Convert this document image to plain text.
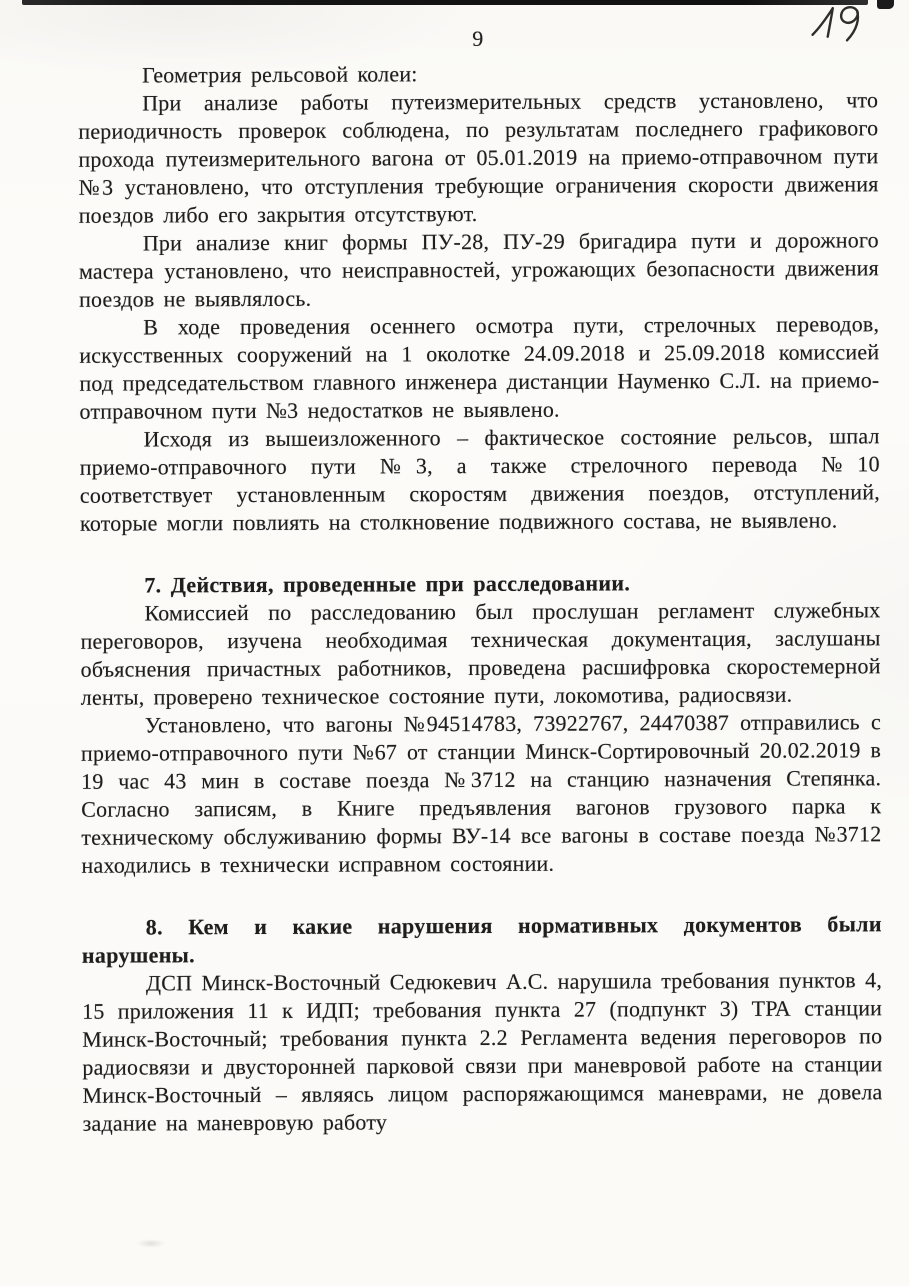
9

Геометрия рельсовой колеи:

При анализе работы путеизмерительных средств установлено, что периодичность проверок соблюдена, по результатам последнего графикового прохода путеизмерительного вагона от 05.01.2019 на приемо-отправочном пути №3 установлено, что отступления требующие ограничения скорости движения поездов либо его закрытия отсутствуют.

При анализе книг формы ПУ-28, ПУ-29 бригадира пути и дорожного мастера установлено, что неисправностей, угрожающих безопасности движения поездов не выявлялось.

В ходе проведения осеннего осмотра пути, стрелочных переводов, искусственных сооружений на 1 околотке 24.09.2018 и 25.09.2018 комиссией под председательством главного инженера дистанции Науменко С.Л. на приемо-отправочном пути №3 недостатков не выявлено.

Исходя из вышеизложенного – фактическое состояние рельсов, шпал приемо-отправочного пути №3, а также стрелочного перевода №10 соответствует установленным скоростям движения поездов, отступлений, которые могли повлиять на столкновение подвижного состава, не выявлено.

7. Действия, проведенные при расследовании.

Комиссией по расследованию был прослушан регламент служебных переговоров, изучена необходимая техническая документация, заслушаны объяснения причастных работников, проведена расшифровка скоростемерной ленты, проверено техническое состояние пути, локомотива, радиосвязи.

Установлено, что вагоны №94514783, 73922767, 24470387 отправились с приемо-отправочного пути №67 от станции Минск-Сортировочный 20.02.2019 в 19 час 43 мин в составе поезда №3712 на станцию назначения Степянка. Согласно записям, в Книге предъявления вагонов грузового парка к техническому обслуживанию формы ВУ-14 все вагоны в составе поезда №3712 находились в технически исправном состоянии.

8. Кем и какие нарушения нормативных документов были нарушены.

ДСП Минск-Восточный Седюкевич А.С. нарушила требования пунктов 4, 15 приложения 11 к ИДП; требования пункта 27 (подпункт 3) ТРА станции Минск-Восточный; требования пункта 2.2 Регламента ведения переговоров по радиосвязи и двусторонней парковой связи при маневровой работе на станции Минск-Восточный – являясь лицом распоряжающимся маневрами, не довела задание на маневровую работу
